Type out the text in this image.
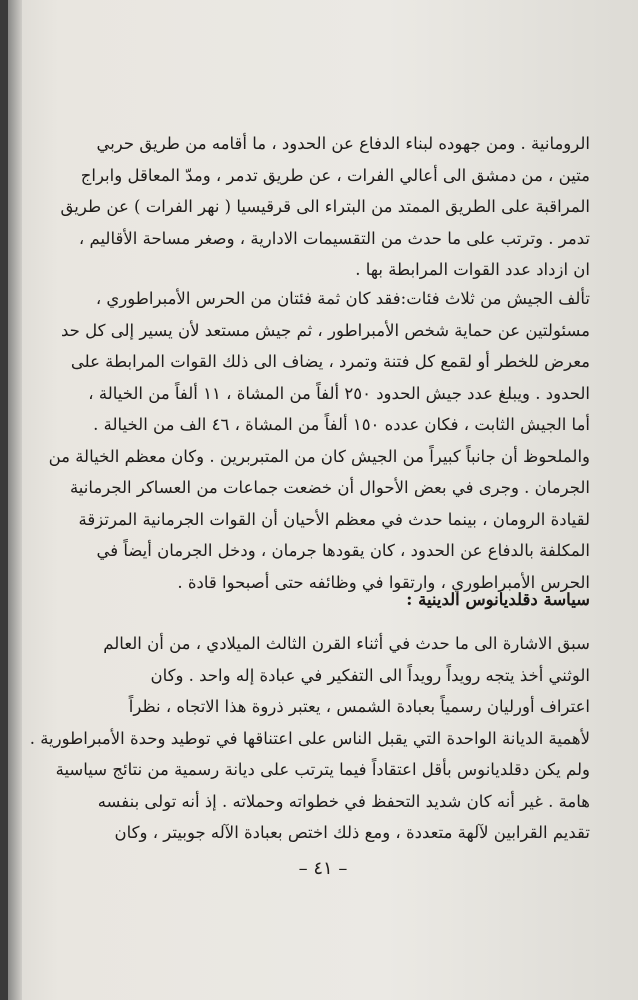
الرومانية . ومن جهوده لبناء الدفاع عن الحدود ، ما أقامه من طريق حربي
متين ، من دمشق الى أعالي الفرات ، عن طريق تدمر ، ومدّ المعاقل وابراج
المراقبة على الطريق الممتد من البتراء الى قرقيسيا ( نهر الفرات ) عن طريق
تدمر . وترتب على ما حدث من التقسيمات الادارية ، وصغر مساحة الأقاليم ،
ان ازداد عدد القوات المرابطة بها .
تألف الجيش من ثلاث فئات:فقد كان ثمة فئتان من الحرس الأمبراطوري ،
مسئولتين عن حماية شخص الأمبراطور ، ثم جيش مستعد لأن يسير إلى كل حد
معرض للخطر أو لقمع كل فتنة وتمرد ، يضاف الى ذلك القوات المرابطة على
الحدود . ويبلغ عدد جيش الحدود ٢٥٠ ألفاً من المشاة ، ١١ ألفاً من الخيالة ،
أما الجيش الثابت ، فكان عدده ١٥٠ ألفاً من المشاة ، ٤٦ الف من الخيالة .
والملحوظ أن جانباً كبيراً من الجيش كان من المتبربرين . وكان معظم الخيالة من
الجرمان . وجرى في بعض الأحوال أن خضعت جماعات من العساكر الجرمانية
لقيادة الرومان ، بينما حدث في معظم الأحيان أن القوات الجرمانية المرتزقة
المكلفة بالدفاع عن الحدود ، كان يقودها جرمان ، ودخل الجرمان أيضاً في
الحرس الأمبراطوري ، وارتقوا في وظائفه حتى أصبحوا قادة .
سياسة دقلديانوس الدينية :
سبق الاشارة الى ما حدث في أثناء القرن الثالث الميلادي ، من أن العالم
الوثني أخذ يتجه رويداً رويداً الى التفكير في عبادة إله واحد . وكان
اعتراف أورليان رسمياً بعبادة الشمس ، يعتبر ذروة هذا الاتجاه ، نظراً
لأهمية الديانة الواحدة التي يقبل الناس على اعتناقها في توطيد وحدة الأمبراطورية .
ولم يكن دقلديانوس بأقل اعتقاداً فيما يترتب على ديانة رسمية من نتائج سياسية
هامة . غير أنه كان شديد التحفظ في خطواته وحملاته . إذ أنه تولى بنفسه
تقديم القرابين لآلهة متعددة ، ومع ذلك اختص بعبادة الآله جوبيتر ، وكان
– ٤١ –
